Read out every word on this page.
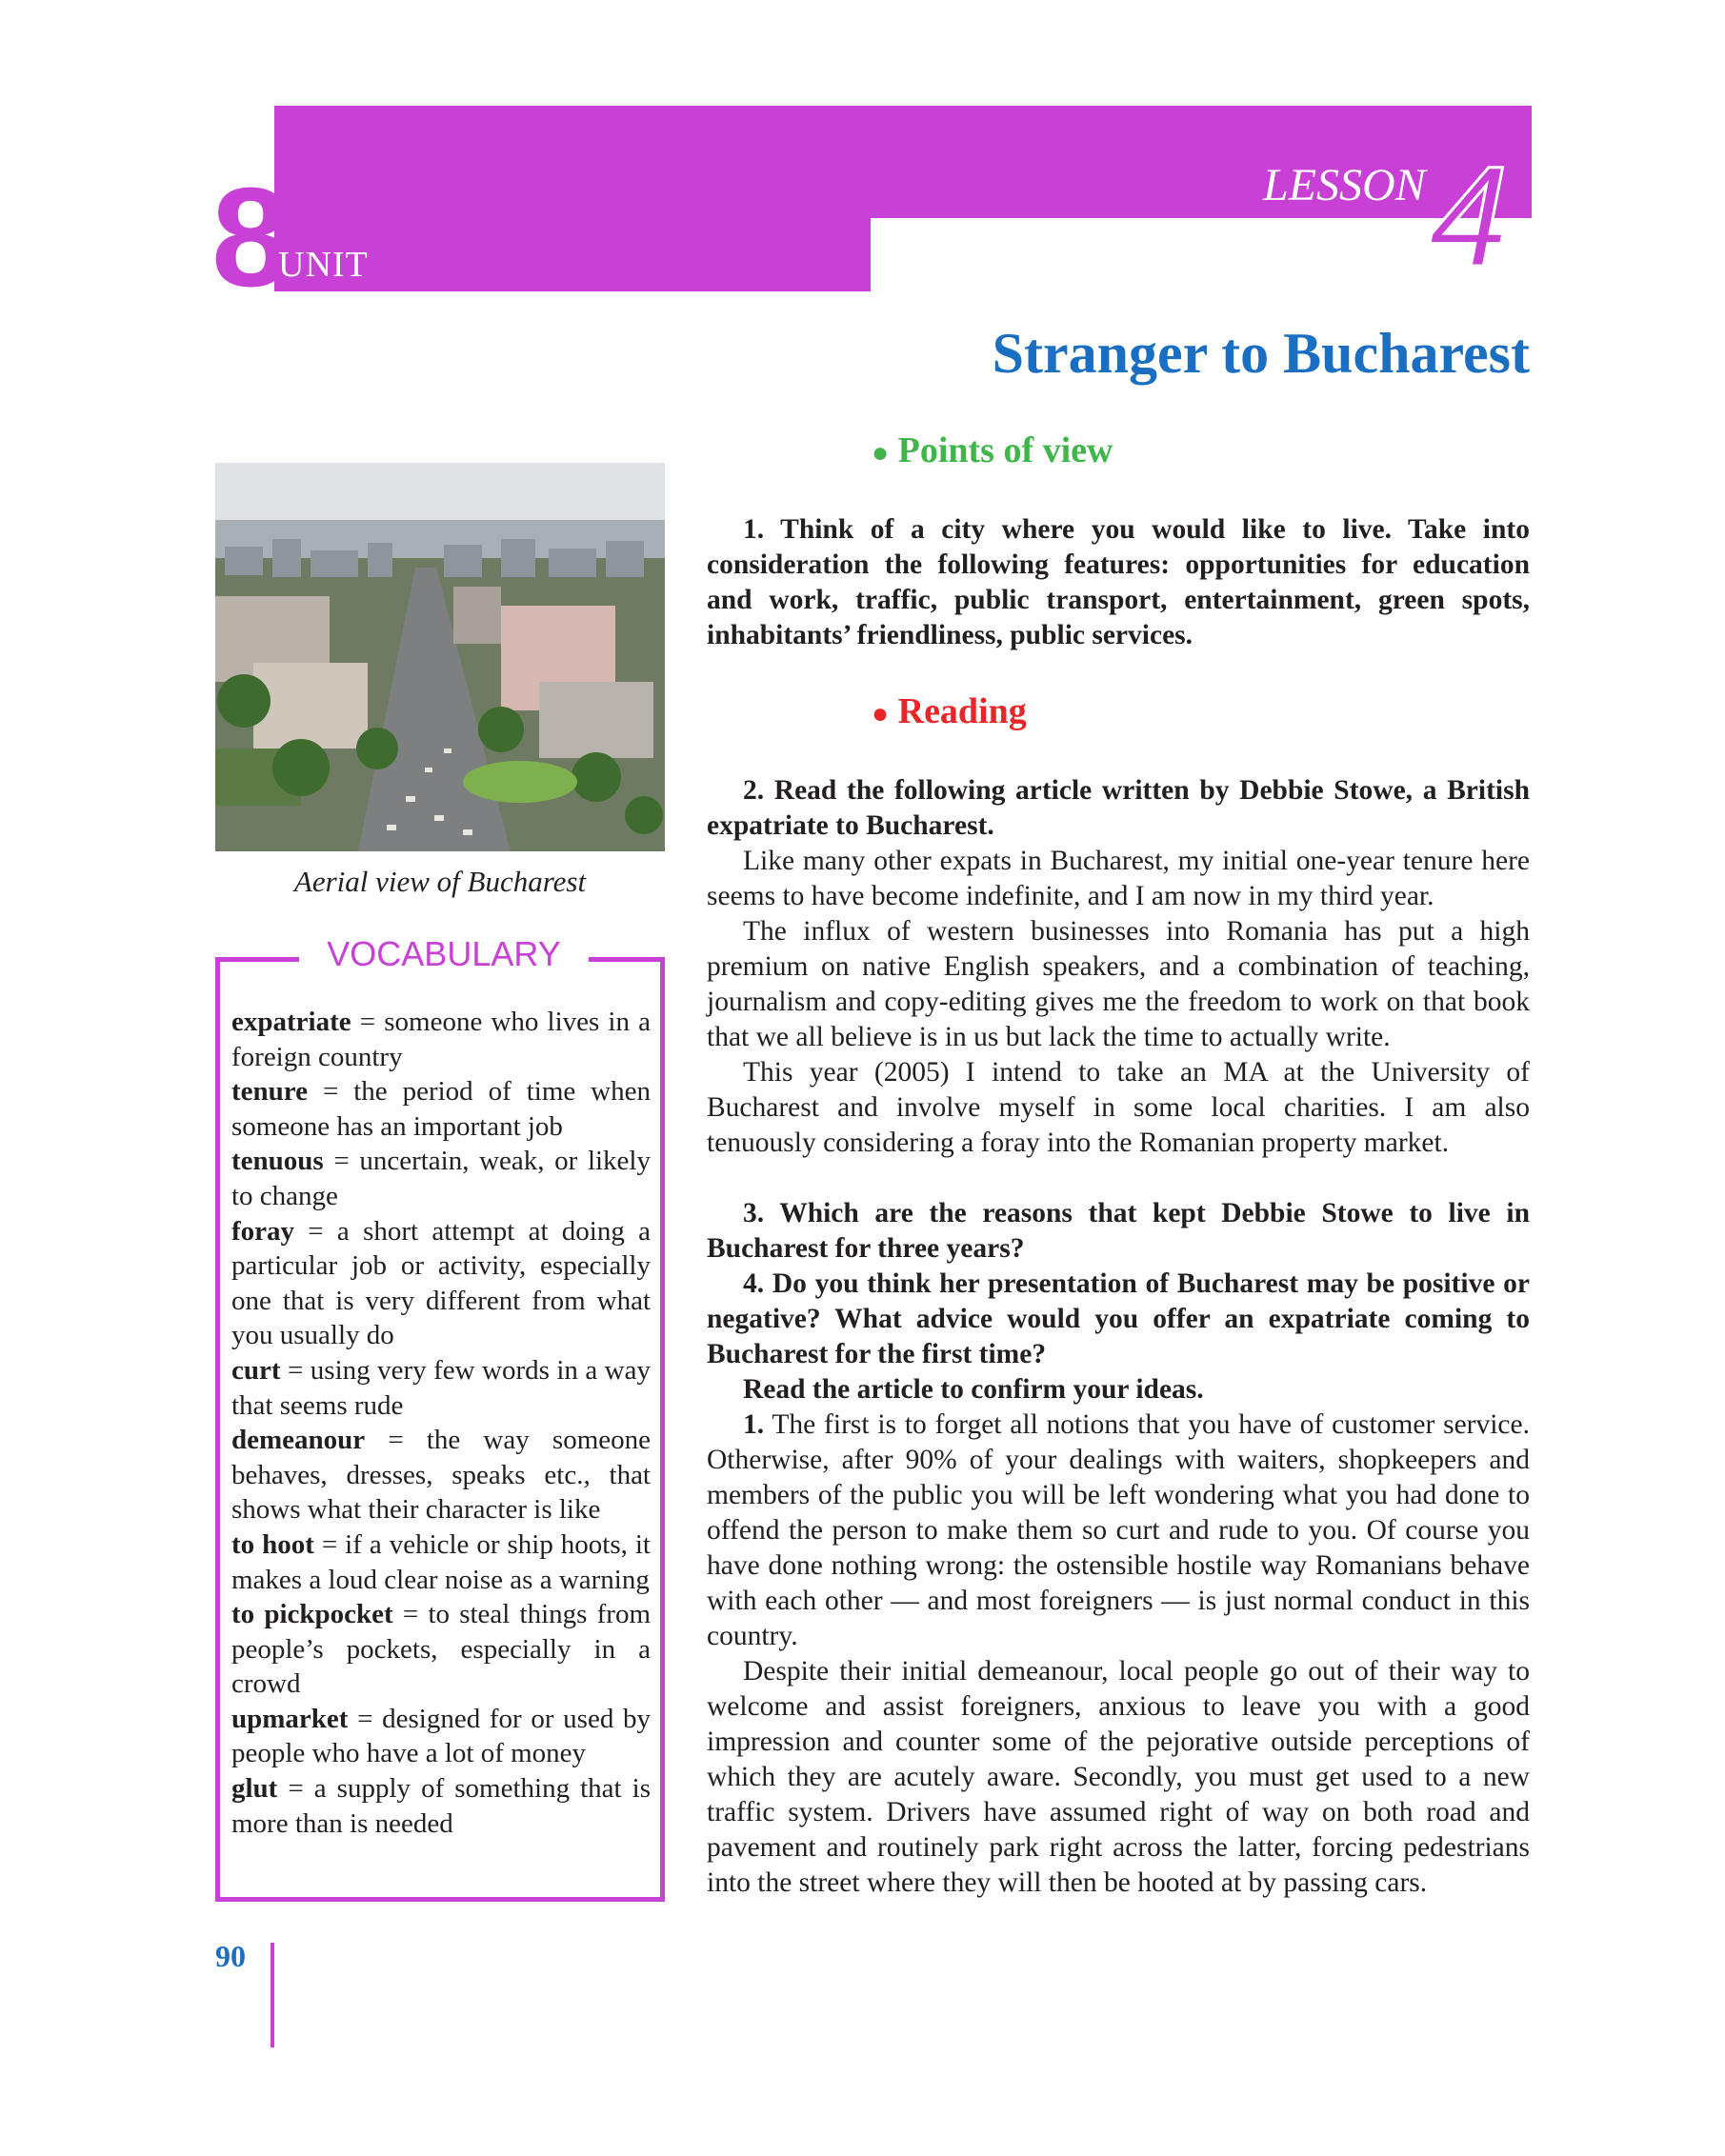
8
UNIT
LESSON 4
Stranger to Bucharest
Aerial view of Bucharest
VOCABULARY
expatriate = someone who lives in a foreign country
tenure = the period of time when someone has an important job
tenuous = uncertain, weak, or likely to change
foray = a short attempt at doing a particular job or activity, especially one that is very different from what you usually do
curt = using very few words in a way that seems rude
demeanour = the way someone behaves, dresses, speaks etc., that shows what their character is like
to hoot = if a vehicle or ship hoots, it makes a loud clear noise as a warning
to pickpocket = to steal things from people’s pockets, especially in a crowd
upmarket = designed for or used by people who have a lot of money
glut = a supply of something that is more than is needed
90
● Points of view

1. Think of a city where you would like to live. Take into consideration the following features: opportunities for education and work, traffic, public transport, entertainment, green spots, inhabitants’ friendliness, public services.

● Reading

2. Read the following article written by Debbie Stowe, a British expatriate to Bucharest.

Like many other expats in Bucharest, my initial one-year tenure here seems to have become indefinite, and I am now in my third year.

The influx of western businesses into Romania has put a high premium on native English speakers, and a combination of teaching, journalism and copy-editing gives me the freedom to work on that book that we all believe is in us but lack the time to actually write.

This year (2005) I intend to take an MA at the University of Bucharest and involve myself in some local charities. I am also tenuously considering a foray into the Romanian property market.

3. Which are the reasons that kept Debbie Stowe to live in Bucharest for three years?

4. Do you think her presentation of Bucharest may be positive or negative? What advice would you offer an expatriate coming to Bucharest for the first time?

Read the article to confirm your ideas.

1. The first is to forget all notions that you have of customer service. Otherwise, after 90% of your dealings with waiters, shopkeepers and members of the public you will be left wondering what you had done to offend the person to make them so curt and rude to you. Of course you have done nothing wrong: the ostensible hostile way Romanians behave with each other — and most foreigners — is just normal conduct in this country.

Despite their initial demeanour, local people go out of their way to welcome and assist foreigners, anxious to leave you with a good impression and counter some of the pejorative outside perceptions of which they are acutely aware. Secondly, you must get used to a new traffic system. Drivers have assumed right of way on both road and pavement and routinely park right across the latter, forcing pedestrians into the street where they will then be hooted at by passing cars.
